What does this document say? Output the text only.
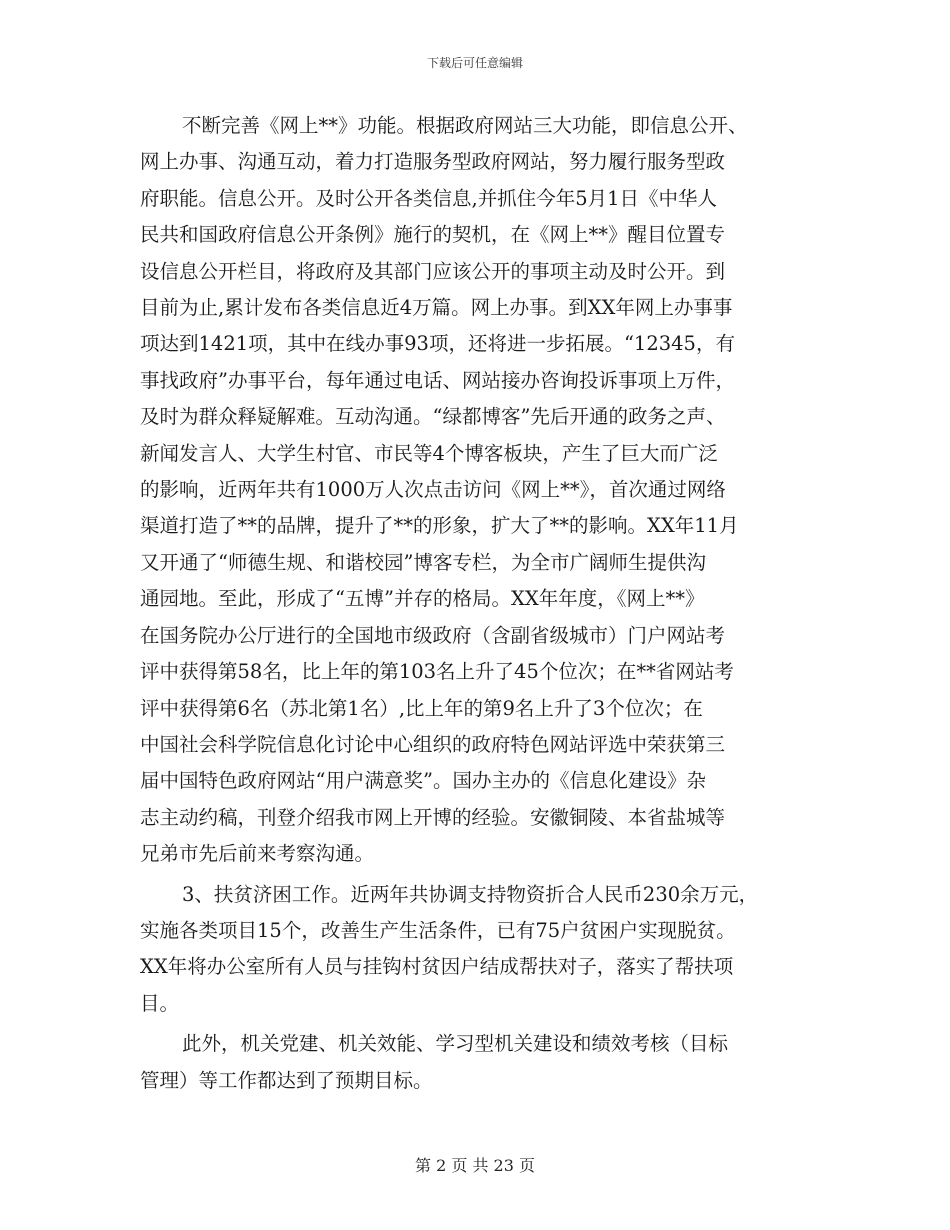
下载后可任意编辑

不断完善《网上**》功能。根据政府网站三大功能，即信息公开、
网上办事、沟通互动，着力打造服务型政府网站，努力履行服务型政
府职能。信息公开。及时公开各类信息,并抓住今年5月1日《中华人
民共和国政府信息公开条例》施行的契机，在《网上**》醒目位置专
设信息公开栏目，将政府及其部门应该公开的事项主动及时公开。到
目前为止,累计发布各类信息近4万篇。网上办事。到XX年网上办事事
项达到1421项，其中在线办事93项，还将进一步拓展。“12345，有
事找政府”办事平台，每年通过电话、网站接办咨询投诉事项上万件，
及时为群众释疑解难。互动沟通。“绿都博客”先后开通的政务之声、
新闻发言人、大学生村官、市民等4个博客板块，产生了巨大而广泛
的影响，近两年共有1000万人次点击访问《网上**》，首次通过网络
渠道打造了**的品牌，提升了**的形象，扩大了**的影响。XX年11月
又开通了“师德生规、和谐校园”博客专栏，为全市广阔师生提供沟
通园地。至此，形成了“五博”并存的格局。XX年年度，《网上**》
在国务院办公厅进行的全国地市级政府（含副省级城市）门户网站考
评中获得第58名，比上年的第103名上升了45个位次；在**省网站考
评中获得第6名（苏北第1名）,比上年的第9名上升了3个位次；在
中国社会科学院信息化讨论中心组织的政府特色网站评选中荣获第三
届中国特色政府网站“用户满意奖”。国办主办的《信息化建设》杂
志主动约稿，刊登介绍我市网上开博的经验。安徽铜陵、本省盐城等
兄弟市先后前来考察沟通。

3、扶贫济困工作。近两年共协调支持物资折合人民币230余万元，
实施各类项目15个，改善生产生活条件，已有75户贫困户实现脱贫。
XX年将办公室所有人员与挂钩村贫因户结成帮扶对子，落实了帮扶项
目。

此外，机关党建、机关效能、学习型机关建设和绩效考核（目标
管理）等工作都达到了预期目标。

第 2 页 共 23 页
